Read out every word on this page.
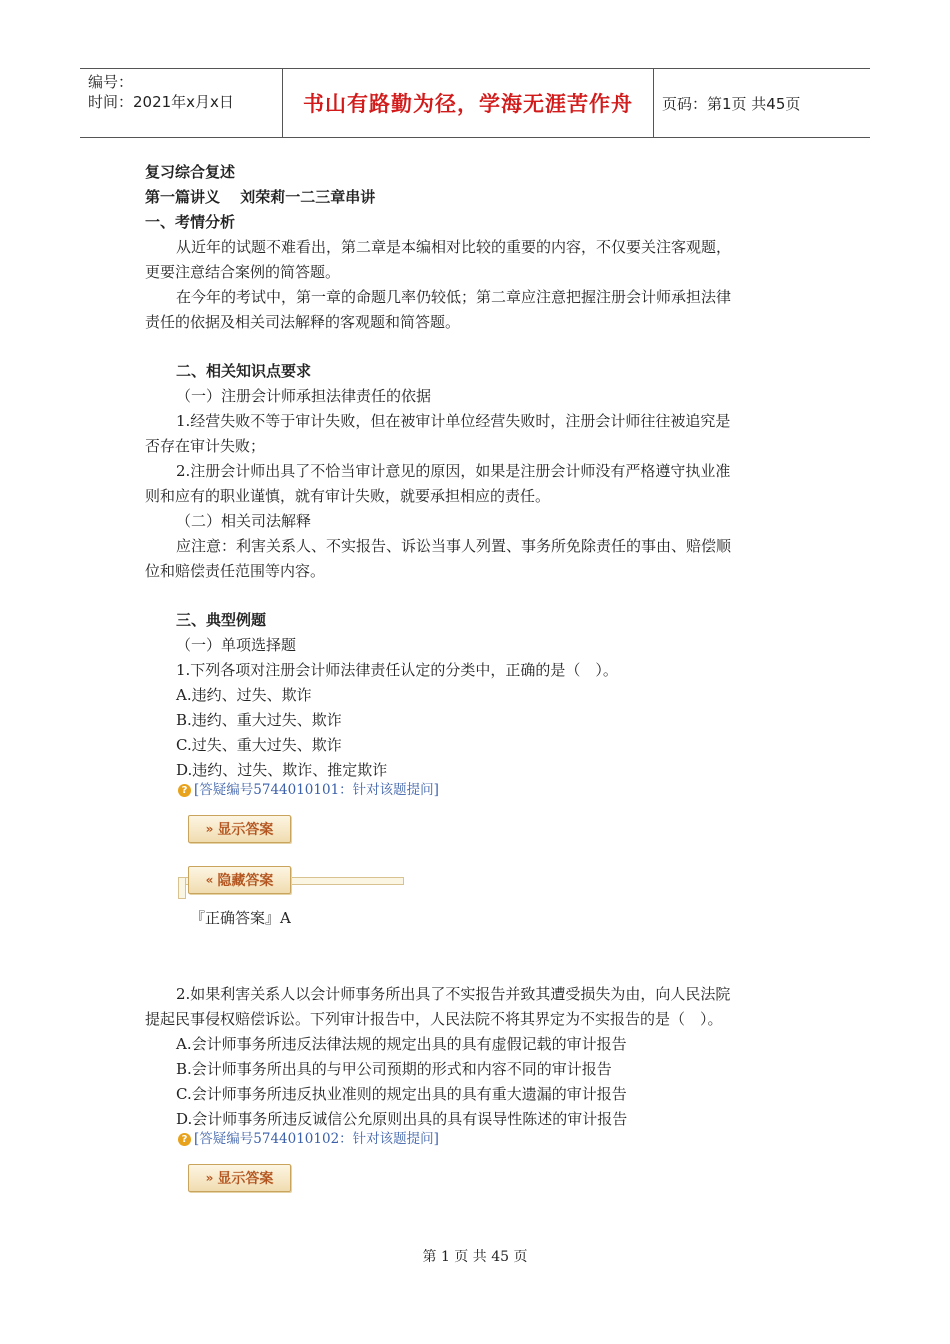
编号：
时间：2021年x月x日	书山有路勤为径，学海无涯苦作舟	页码：第1页 共45页
复习综合复述
第一篇讲义　 刘荣莉一二三章串讲
一、考情分析
从近年的试题不难看出，第二章是本编相对比较的重要的内容，不仅要关注客观题，
更要注意结合案例的简答题。
在今年的考试中，第一章的命题几率仍较低；第二章应注意把握注册会计师承担法律
责任的依据及相关司法解释的客观题和简答题。
二、相关知识点要求
（一）注册会计师承担法律责任的依据
1.经营失败不等于审计失败，但在被审计单位经营失败时，注册会计师往往被追究是
否存在审计失败；
2.注册会计师出具了不恰当审计意见的原因，如果是注册会计师没有严格遵守执业准
则和应有的职业谨慎，就有审计失败，就要承担相应的责任。
（二）相关司法解释
应注意：利害关系人、不实报告、诉讼当事人列置、事务所免除责任的事由、赔偿顺
位和赔偿责任范围等内容。
三、典型例题
（一）单项选择题
1.下列各项对注册会计师法律责任认定的分类中，正确的是（　）。
A.违约、过失、欺诈
B.违约、重大过失、欺诈
C.过失、重大过失、欺诈
D.违约、过失、欺诈、推定欺诈
? [答疑编号5744010101：针对该题提问]
» 显示答案
« 隐藏答案
『正确答案』A
2.如果利害关系人以会计师事务所出具了不实报告并致其遭受损失为由，向人民法院
提起民事侵权赔偿诉讼。下列审计报告中，人民法院不将其界定为不实报告的是（　）。
A.会计师事务所违反法律法规的规定出具的具有虚假记载的审计报告
B.会计师事务所出具的与甲公司预期的形式和内容不同的审计报告
C.会计师事务所违反执业准则的规定出具的具有重大遗漏的审计报告
D.会计师事务所违反诚信公允原则出具的具有误导性陈述的审计报告
? [答疑编号5744010102：针对该题提问]
» 显示答案
第 1 页 共 45 页
